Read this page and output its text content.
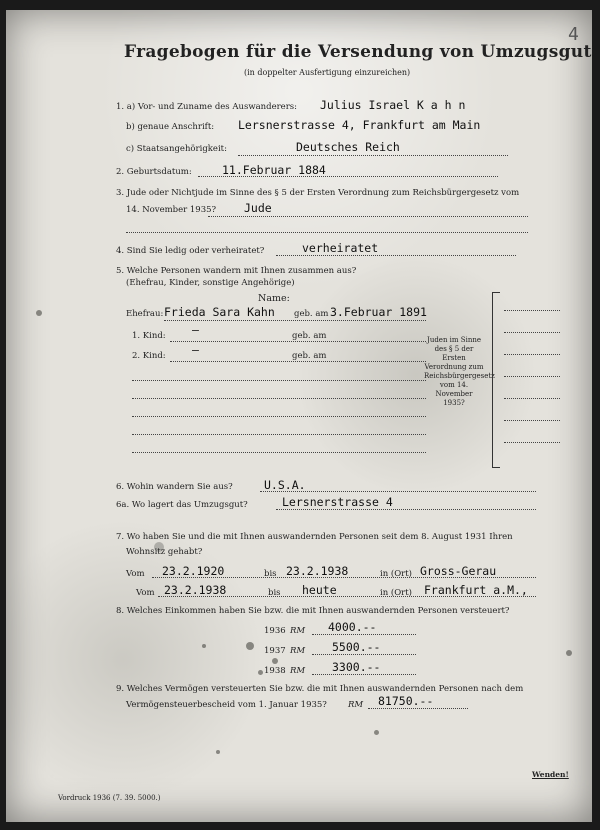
Fragebogen für die Versendung von Umzugsgut
(in doppelter Ausfertigung einzureichen)
4
1. a) Vor- und Zuname des Auswanderers: Julius Israel K a h n
b) genaue Anschrift: Lersnerstrasse 4, Frankfurt am Main
c) Staatsangehörigkeit:	Deutsches Reich
2. Geburtsdatum:	11.Februar 1884
3. Jude oder Nichtjude im Sinne des § 5 der Ersten Verordnung zum Reichsbürgergesetz vom
14. November 1935? Jude
4. Sind Sie ledig oder verheiratet?	verheiratet
5. Welche Personen wandern mit Ihnen zusammen aus?
(Ehefrau, Kinder, sonstige Angehörige)
Name:
Ehefrau: Frieda Sara Kahn geb. am 3.Februar 1891
1. Kind: —	geb. am
2. Kind: —	geb. am
Juden im Sinne des § 5 der Ersten Verordnung zum Reichsbürgergesetz vom 14. November 1935?
6. Wohin wandern Sie aus?	U.S.A.
6a. Wo lagert das Umzugsgut?	Lersnerstrasse 4
7. Wo haben Sie und die mit Ihnen auswandernden Personen seit dem 8. August 1931 Ihren
Wohnsitz gehabt?
Vom 23.2.1920	bis 23.2.1938	in (Ort) Gross-Gerau
Vom 23.2.1938	bis heute	in (Ort) Frankfurt a.M.,
8. Welches Einkommen haben Sie bzw. die mit Ihnen auswandernden Personen versteuert?
1936 RM 4000.--
1937 RM 5500.--
1938 RM 3300.--
9. Welches Vermögen versteuerten Sie bzw. die mit Ihnen auswandernden Personen nach dem
Vermögensteuerbescheid vom 1. Januar 1935? RM 81750.--
Wenden!
Vordruck 1936 (7. 39. 5000.)
